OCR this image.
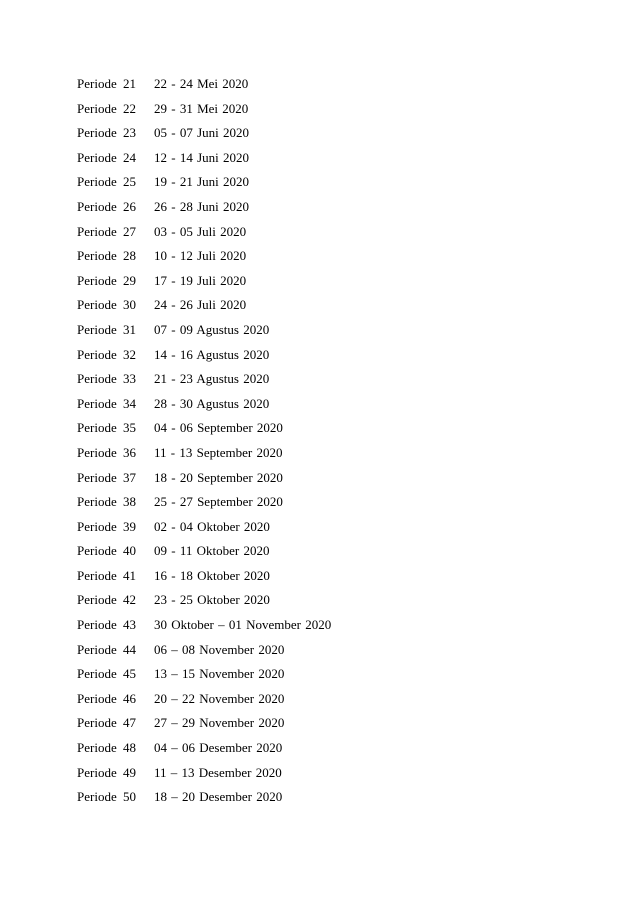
Periode 21	22 - 24 Mei 2020
Periode 22	29 - 31 Mei 2020
Periode 23	05 - 07 Juni 2020
Periode 24	12 - 14 Juni 2020
Periode 25	19 - 21 Juni 2020
Periode 26	26 - 28 Juni 2020
Periode 27	03 - 05 Juli 2020
Periode 28	10 - 12 Juli 2020
Periode 29	17 - 19 Juli 2020
Periode 30	24 - 26 Juli 2020
Periode 31	07 - 09 Agustus 2020
Periode 32	14 - 16 Agustus 2020
Periode 33	21 - 23 Agustus 2020
Periode 34	28 - 30 Agustus 2020
Periode 35	04 - 06 September 2020
Periode 36	11 - 13 September 2020
Periode 37	18 - 20 September 2020
Periode 38	25 - 27 September 2020
Periode 39	02 - 04 Oktober 2020
Periode 40	09 - 11 Oktober 2020
Periode 41	16 - 18 Oktober 2020
Periode 42	23 - 25 Oktober 2020
Periode 43	30 Oktober – 01 November 2020
Periode 44	06 – 08 November 2020
Periode 45	13 – 15 November 2020
Periode 46	20 – 22 November 2020
Periode 47	27 – 29 November 2020
Periode 48	04 – 06 Desember 2020
Periode 49	11 – 13 Desember 2020
Periode 50	18 – 20 Desember 2020
